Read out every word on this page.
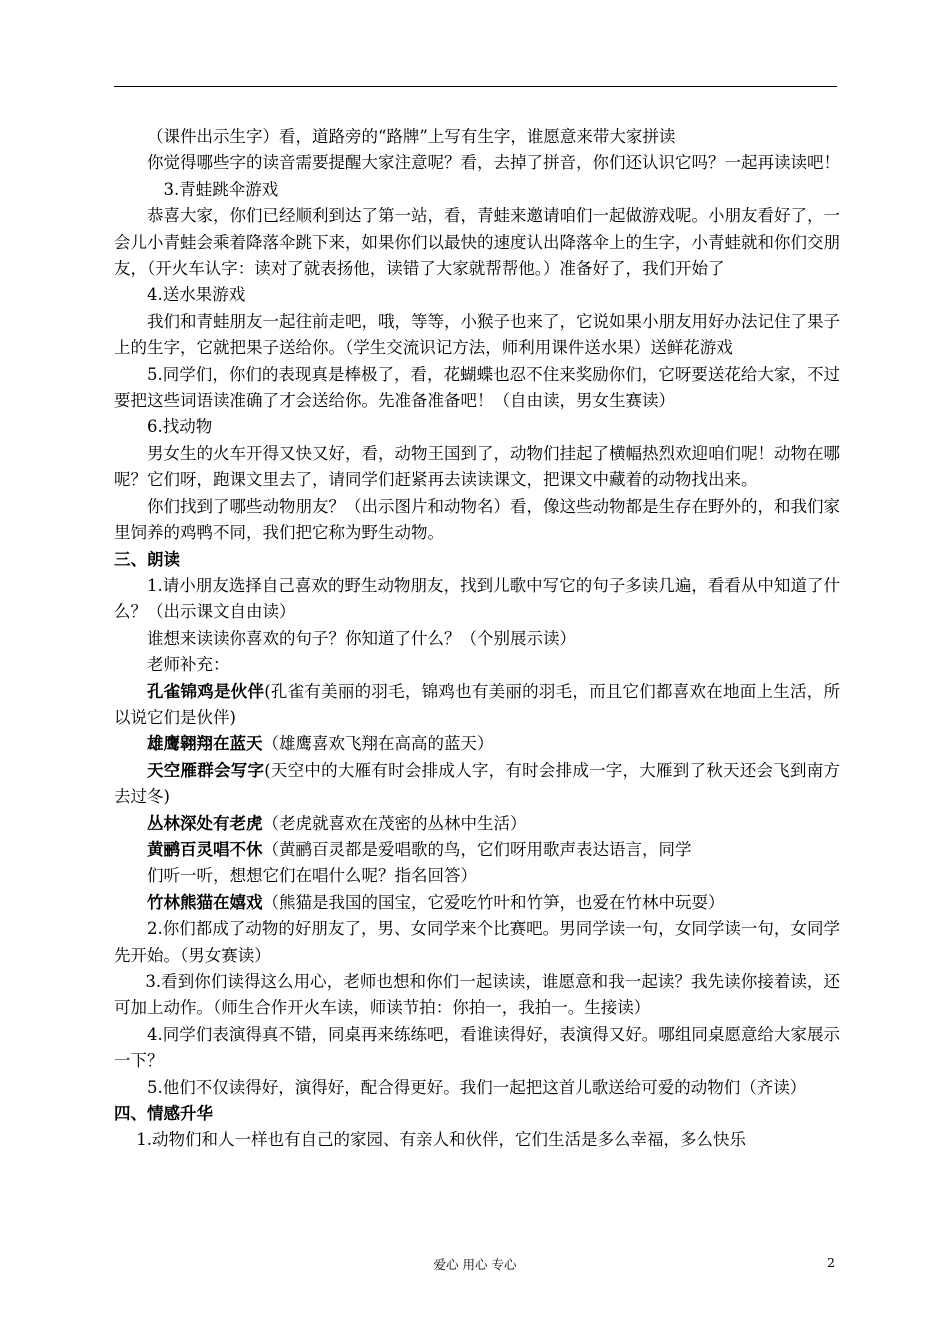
（课件出示生字）看，道路旁的“路牌”上写有生字，谁愿意来带大家拼读

你觉得哪些字的读音需要提醒大家注意呢？看，去掉了拼音，你们还认识它吗？一起再读读吧！

3.青蛙跳伞游戏

恭喜大家，你们已经顺利到达了第一站，看，青蛙来邀请咱们一起做游戏呢。小朋友看好了，一会儿小青蛙会乘着降落伞跳下来，如果你们以最快的速度认出降落伞上的生字，小青蛙就和你们交朋友，（开火车认字：读对了就表扬他，读错了大家就帮帮他。）准备好了，我们开始了

4.送水果游戏

我们和青蛙朋友一起往前走吧，哦，等等，小猴子也来了，它说如果小朋友用好办法记住了果子上的生字，它就把果子送给你。（学生交流识记方法，师利用课件送水果）送鲜花游戏

5.同学们，你们的表现真是棒极了，看，花蝴蝶也忍不住来奖励你们，它呀要送花给大家，不过要把这些词语读准确了才会送给你。先准备准备吧！（自由读，男女生赛读）

6.找动物

男女生的火车开得又快又好，看，动物王国到了，动物们挂起了横幅热烈欢迎咱们呢！动物在哪呢？它们呀，跑课文里去了，请同学们赶紧再去读读课文，把课文中藏着的动物找出来。

你们找到了哪些动物朋友？（出示图片和动物名）看，像这些动物都是生存在野外的，和我们家里饲养的鸡鸭不同，我们把它称为野生动物。

三、朗读

1.请小朋友选择自己喜欢的野生动物朋友，找到儿歌中写它的句子多读几遍，看看从中知道了什么？（出示课文自由读）

谁想来读读你喜欢的句子？你知道了什么？（个别展示读）

老师补充：

孔雀锦鸡是伙伴(孔雀有美丽的羽毛，锦鸡也有美丽的羽毛，而且它们都喜欢在地面上生活，所以说它们是伙伴)

雄鹰翱翔在蓝天（雄鹰喜欢飞翔在高高的蓝天）

天空雁群会写字(天空中的大雁有时会排成人字，有时会排成一字，大雁到了秋天还会飞到南方去过冬)

丛林深处有老虎（老虎就喜欢在茂密的丛林中生活）

黄鹂百灵唱不休（黄鹂百灵都是爱唱歌的鸟，它们呀用歌声表达语言，同学

们听一听，想想它们在唱什么呢？指名回答）

竹林熊猫在嬉戏（熊猫是我国的国宝，它爱吃竹叶和竹笋，也爱在竹林中玩耍）

2.你们都成了动物的好朋友了，男、女同学来个比赛吧。男同学读一句，女同学读一句，女同学先开始。（男女赛读）

3.看到你们读得这么用心，老师也想和你们一起读读，谁愿意和我一起读？我先读你接着读，还可加上动作。（师生合作开火车读，师读节拍：你拍一，我拍一。生接读）

4.同学们表演得真不错，同桌再来练练吧，看谁读得好，表演得又好。哪组同桌愿意给大家展示一下？

5.他们不仅读得好，演得好，配合得更好。我们一起把这首儿歌送给可爱的动物们（齐读）

四、情感升华

1.动物们和人一样也有自己的家园、有亲人和伙伴，它们生活是多么幸福，多么快乐

爱心 用心 专心	2
